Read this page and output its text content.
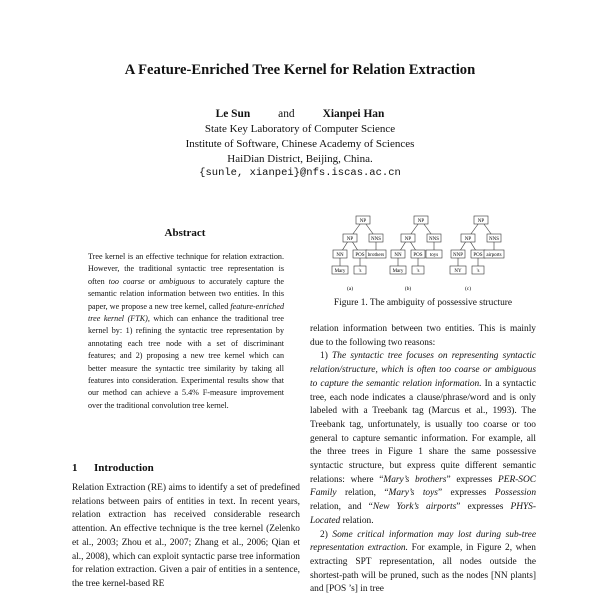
A Feature-Enriched Tree Kernel for Relation Extraction
Le Sun and Xianpei Han
State Key Laboratory of Computer Science
Institute of Software, Chinese Academy of Sciences
HaiDian District, Beijing, China.
{sunle, xianpei}@nfs.iscas.ac.cn
Abstract

Tree kernel is an effective technique for relation extraction. However, the traditional syntactic tree representation is often too coarse or ambiguous to accurately capture the semantic relation information between two entities. In this paper, we propose a new tree kernel, called feature-enriched tree kernel (FTK), which can enhance the traditional tree kernel by: 1) refining the syntactic tree representation by annotating each tree node with a set of discriminant features; and 2) proposing a new tree kernel which can better measure the syntactic tree similarity by taking all features into consideration. Experimental results show that our method can achieve a 5.4% F-measure improvement over the traditional convolution tree kernel.

1 Introduction

Relation Extraction (RE) aims to identify a set of predefined relations between pairs of entities in text. In recent years, relation extraction has received considerable research attention. An effective technique is the tree kernel (Zelenko et al., 2003; Zhou et al., 2007; Zhang et al., 2006; Qian et al., 2008), which can exploit syntactic parse tree information for relation extraction. Given a pair of entities in a sentence, the tree kernel-based RE

NP
NP	NNS
NN POS brothers
Mary	's
(a)
NP
NP	NNS
NN POS toys
Mary	's
(b)
NP
NP	NNS
NNP POS airports
NY	's
(c)
Figure 1. The ambiguity of possessive structure

relation information between two entities. This is mainly due to the following two reasons:

1) The syntactic tree focuses on representing syntactic relation/structure, which is often too coarse or ambiguous to capture the semantic relation information. In a syntactic tree, each node indicates a clause/phrase/word and is only labeled with a Treebank tag (Marcus et al., 1993). The Treebank tag, unfortunately, is usually too coarse or too general to capture semantic information. For example, all the three trees in Figure 1 share the same possessive syntactic structure, but express quite different semantic relations: where “Mary’s brothers” expresses PER-SOC Family relation, “Mary’s toys” expresses Possession relation, and “New York’s airports” expresses PHYS-Located relation.

2) Some critical information may lost during sub-tree representation extraction. For example, in Figure 2, when extracting SPT representation, all nodes outside the shortest-path will be pruned, such as the nodes [NN plants] and [POS ’s] in tree
